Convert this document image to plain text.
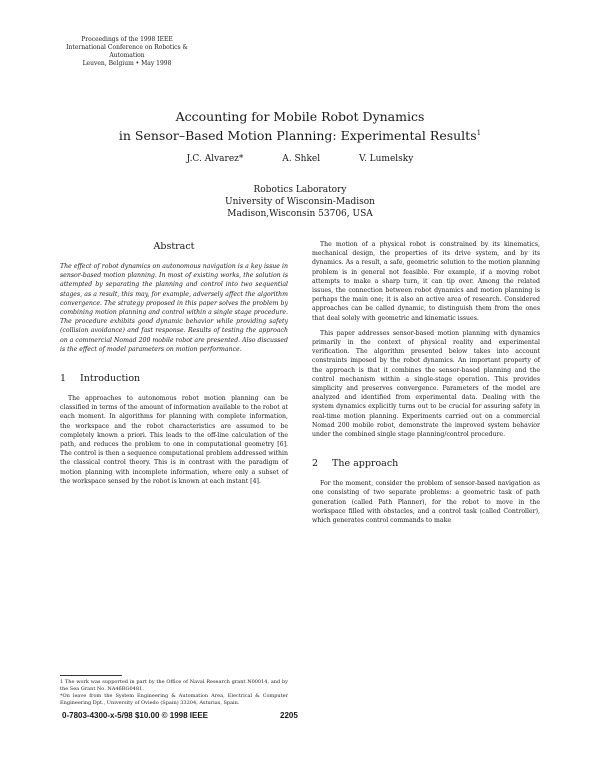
Proceedings of the 1998 IEEE
International Conference on Robotics & Automation
Leuven, Belgium • May 1998
Accounting for Mobile Robot Dynamics
in Sensor–Based Motion Planning: Experimental Results$^1$
J.C. Alvarez*	A. Shkel	V. Lumelsky
Robotics Laboratory
University of Wisconsin-Madison
Madison,Wisconsin 53706, USA
Abstract

The effect of robot dynamics on autonomous navigation is a key issue in sensor-based motion planning. In most of existing works, the solution is attempted by separating the planning and control into two sequential stages, as a result, this may, for example, adversely affect the algorithm convergence. The strategy proposed in this paper solves the problem by combining motion planning and control within a single stage procedure. The procedure exhibits good dynamic behavior while providing safety (collision avoidance) and fast response. Results of testing the approach on a commercial Nomad 200 mobile robot are presented. Also discussed is the effect of model parameters on motion performance.

1 Introduction

The approaches to autonomous robot motion planning can be classified in terms of the amount of information available to the robot at each moment. In algorithms for planning with complete information, the workspace and the robot characteristics are assumed to be completely known a priori. This leads to the off-line calculation of the path, and reduces the problem to one in computational geometry [6]. The control is then a sequence computational problem addressed within the classical control theory. This is in contrast with the paradigm of motion planning with incomplete information, where only a subset of the workspace sensed by the robot is known at each instant [4].

1 The work was supported in part by the Office of Naval Research grant N00014, and by the Sea Grant No. NA46RG0481.

*On leave from the System Engineering & Automation Area, Electrical & Computer Engineering Dpt., University of Oviedo (Spain) 33204, Asturias, Spain.

The motion of a physical robot is constrained by its kinematics, mechanical design, the properties of its drive system, and by its dynamics. As a result, a safe, geometric solution to the motion planning problem is in general not feasible. For example, if a moving robot attempts to make a sharp turn, it can tip over. Among the related issues, the connection between robot dynamics and motion planning is perhaps the main one; it is also an active area of research. Considered approaches can be called dynamic, to distinguish them from the ones that deal solely with geometric and kinematic issues.

This paper addresses sensor-based motion planning with dynamics primarily in the context of physical reality and experimental verification. The algorithm presented below takes into account constraints imposed by the robot dynamics. An important property of the approach is that it combines the sensor-based planning and the control mechanism within a single-stage operation. This provides simplicity and preserves convergence. Parameters of the model are analyzed and identified from experimental data. Dealing with the system dynamics explicitly turns out to be crucial for assuring safety in real-time motion planning. Experiments carried out on a commercial Nomad 200 mobile robot, demonstrate the improved system behavior under the combined single stage planning/control procedure.

2 The approach

For the moment, consider the problem of sensor-based navigation as one consisting of two separate problems: a geometric task of path generation (called Path Planner), for the robot to move in the workspace filled with obstacles, and a control task (called Controller), which generates control commands to make

0-7803-4300-x-5/98 $10.00 © 1998 IEEE	2205
